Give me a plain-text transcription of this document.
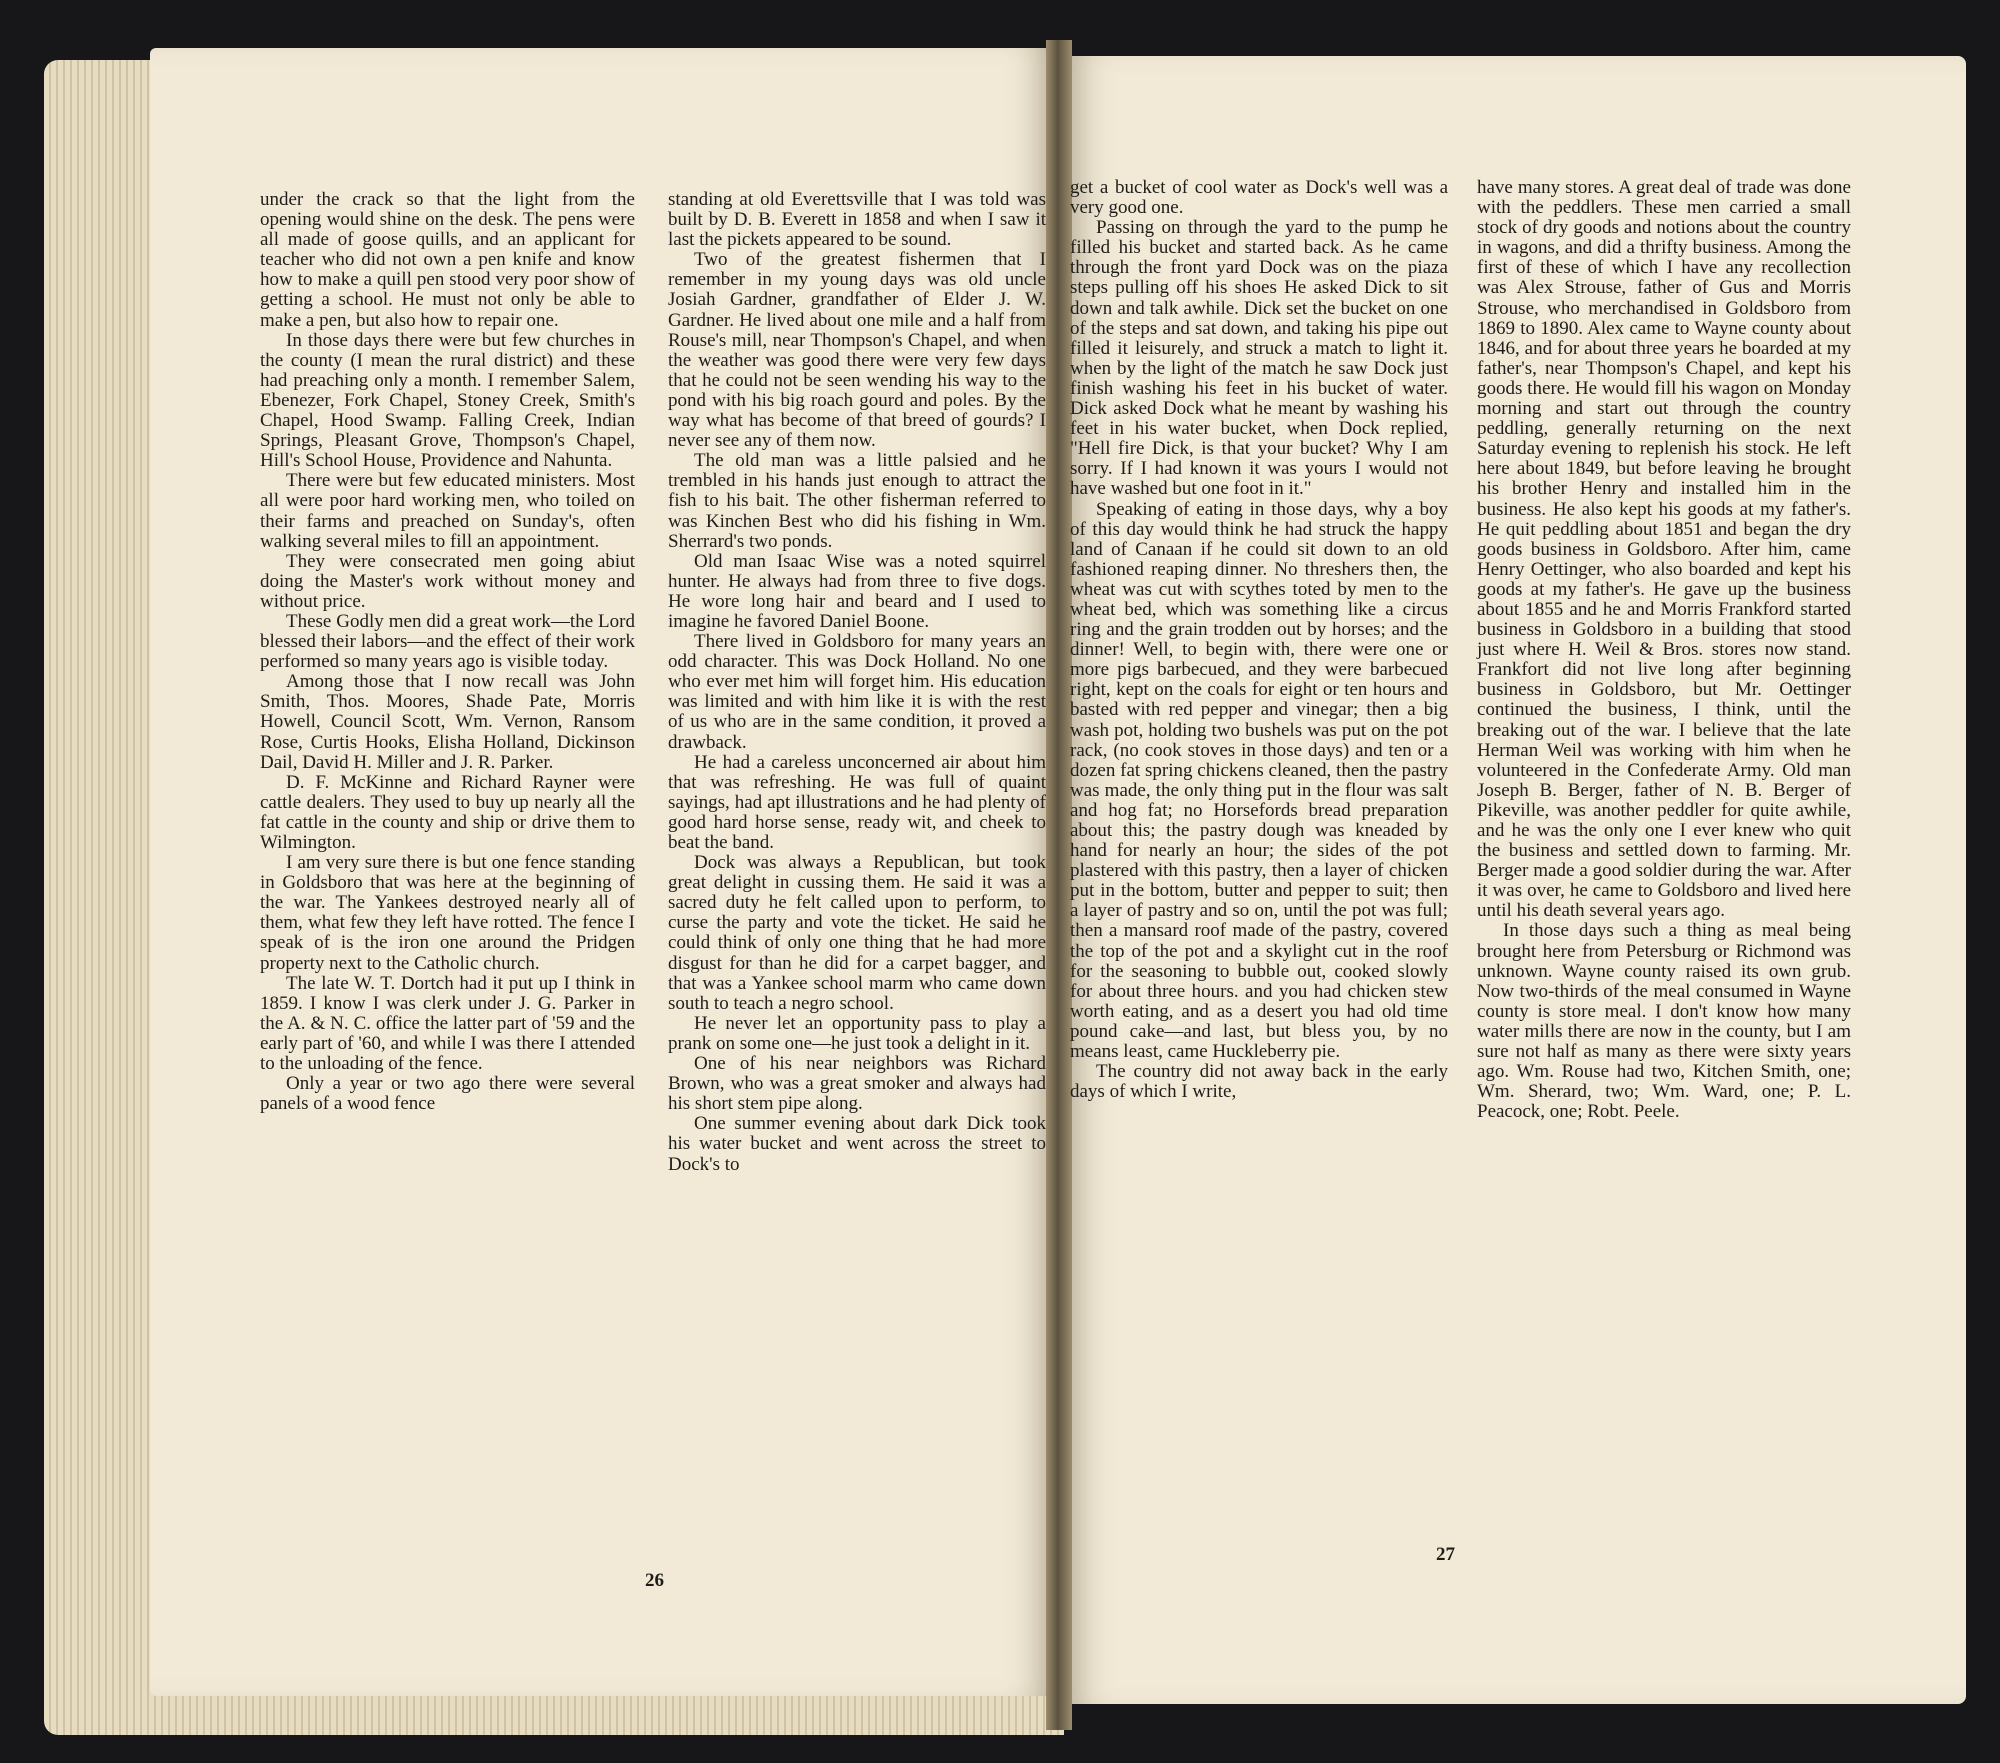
under the crack so that the light from the opening would shine on the desk. The pens were all made of goose quills, and an applicant for teacher who did not own a pen knife and know how to make a quill pen stood very poor show of getting a school. He must not only be able to make a pen, but also how to repair one.

In those days there were but few churches in the county (I mean the rural district) and these had preaching only a month. I remember Salem, Ebenezer, Fork Chapel, Stoney Creek, Smith's Chapel, Hood Swamp. Falling Creek, Indian Springs, Pleasant Grove, Thompson's Chapel, Hill's School House, Providence and Nahunta.

There were but few educated ministers. Most all were poor hard working men, who toiled on their farms and preached on Sunday's, often walking several miles to fill an appointment.

They were consecrated men going abiut doing the Master's work without money and without price.

These Godly men did a great work—the Lord blessed their labors—and the effect of their work performed so many years ago is visible today.

Among those that I now recall was John Smith, Thos. Moores, Shade Pate, Morris Howell, Council Scott, Wm. Vernon, Ransom Rose, Curtis Hooks, Elisha Holland, Dickinson Dail, David H. Miller and J. R. Parker.

D. F. McKinne and Richard Rayner were cattle dealers. They used to buy up nearly all the fat cattle in the county and ship or drive them to Wilmington.

I am very sure there is but one fence standing in Goldsboro that was here at the beginning of the war. The Yankees destroyed nearly all of them, what few they left have rotted. The fence I speak of is the iron one around the Pridgen property next to the Catholic church.

The late W. T. Dortch had it put up I think in 1859. I know I was clerk under J. G. Parker in the A. & N. C. office the latter part of '59 and the early part of '60, and while I was there I attended to the unloading of the fence.

Only a year or two ago there were several panels of a wood fence

standing at old Everettsville that I was told was built by D. B. Everett in 1858 and when I saw it last the pickets appeared to be sound.

Two of the greatest fishermen that I remember in my young days was old uncle Josiah Gardner, grandfather of Elder J. W. Gardner. He lived about one mile and a half from Rouse's mill, near Thompson's Chapel, and when the weather was good there were very few days that he could not be seen wending his way to the pond with his big roach gourd and poles. By the way what has become of that breed of gourds? I never see any of them now.

The old man was a little palsied and he trembled in his hands just enough to attract the fish to his bait. The other fisherman referred to was Kinchen Best who did his fishing in Wm. Sherrard's two ponds.

Old man Isaac Wise was a noted squirrel hunter. He always had from three to five dogs. He wore long hair and beard and I used to imagine he favored Daniel Boone.

There lived in Goldsboro for many years an odd character. This was Dock Holland. No one who ever met him will forget him. His education was limited and with him like it is with the rest of us who are in the same condition, it proved a drawback.

He had a careless unconcerned air about him that was refreshing. He was full of quaint sayings, had apt illustrations and he had plenty of good hard horse sense, ready wit, and cheek to beat the band.

Dock was always a Republican, but took great delight in cussing them. He said it was a sacred duty he felt called upon to perform, to curse the party and vote the ticket. He said he could think of only one thing that he had more disgust for than he did for a carpet bagger, and that was a Yankee school marm who came down south to teach a negro school.

He never let an opportunity pass to play a prank on some one—he just took a delight in it.

One of his near neighbors was Richard Brown, who was a great smoker and always had his short stem pipe along.

One summer evening about dark Dick took his water bucket and went across the street to Dock's to

26

get a bucket of cool water as Dock's well was a very good one.

Passing on through the yard to the pump he filled his bucket and started back. As he came through the front yard Dock was on the piaza steps pulling off his shoes He asked Dick to sit down and talk awhile. Dick set the bucket on one of the steps and sat down, and taking his pipe out filled it leisurely, and struck a match to light it. when by the light of the match he saw Dock just finish washing his feet in his bucket of water. Dick asked Dock what he meant by washing his feet in his water bucket, when Dock replied, "Hell fire Dick, is that your bucket? Why I am sorry. If I had known it was yours I would not have washed but one foot in it."

Speaking of eating in those days, why a boy of this day would think he had struck the happy land of Canaan if he could sit down to an old fashioned reaping dinner. No threshers then, the wheat was cut with scythes toted by men to the wheat bed, which was something like a circus ring and the grain trodden out by horses; and the dinner! Well, to begin with, there were one or more pigs barbecued, and they were barbecued right, kept on the coals for eight or ten hours and basted with red pepper and vinegar; then a big wash pot, holding two bushels was put on the pot rack, (no cook stoves in those days) and ten or a dozen fat spring chickens cleaned, then the pastry was made, the only thing put in the flour was salt and hog fat; no Horsefords bread preparation about this; the pastry dough was kneaded by hand for nearly an hour; the sides of the pot plastered with this pastry, then a layer of chicken put in the bottom, butter and pepper to suit; then a layer of pastry and so on, until the pot was full; then a mansard roof made of the pastry, covered the top of the pot and a skylight cut in the roof for the seasoning to bubble out, cooked slowly for about three hours. and you had chicken stew worth eating, and as a desert you had old time pound cake—and last, but bless you, by no means least, came Huckleberry pie.

The country did not away back in the early days of which I write,

have many stores. A great deal of trade was done with the peddlers. These men carried a small stock of dry goods and notions about the country in wagons, and did a thrifty business. Among the first of these of which I have any recollection was Alex Strouse, father of Gus and Morris Strouse, who merchandised in Goldsboro from 1869 to 1890. Alex came to Wayne county about 1846, and for about three years he boarded at my father's, near Thompson's Chapel, and kept his goods there. He would fill his wagon on Monday morning and start out through the country peddling, generally returning on the next Saturday evening to replenish his stock. He left here about 1849, but before leaving he brought his brother Henry and installed him in the business. He also kept his goods at my father's. He quit peddling about 1851 and began the dry goods business in Goldsboro. After him, came Henry Oettinger, who also boarded and kept his goods at my father's. He gave up the business about 1855 and he and Morris Frankford started business in Goldsboro in a building that stood just where H. Weil & Bros. stores now stand. Frankfort did not live long after beginning business in Goldsboro, but Mr. Oettinger continued the business, I think, until the breaking out of the war. I believe that the late Herman Weil was working with him when he volunteered in the Confederate Army. Old man Joseph B. Berger, father of N. B. Berger of Pikeville, was another peddler for quite awhile, and he was the only one I ever knew who quit the business and settled down to farming. Mr. Berger made a good soldier during the war. After it was over, he came to Goldsboro and lived here until his death several years ago.

In those days such a thing as meal being brought here from Petersburg or Richmond was unknown. Wayne county raised its own grub. Now two-thirds of the meal consumed in Wayne county is store meal. I don't know how many water mills there are now in the county, but I am sure not half as many as there were sixty years ago. Wm. Rouse had two, Kitchen Smith, one; Wm. Sherard, two; Wm. Ward, one; P. L. Peacock, one; Robt. Peele.

27
